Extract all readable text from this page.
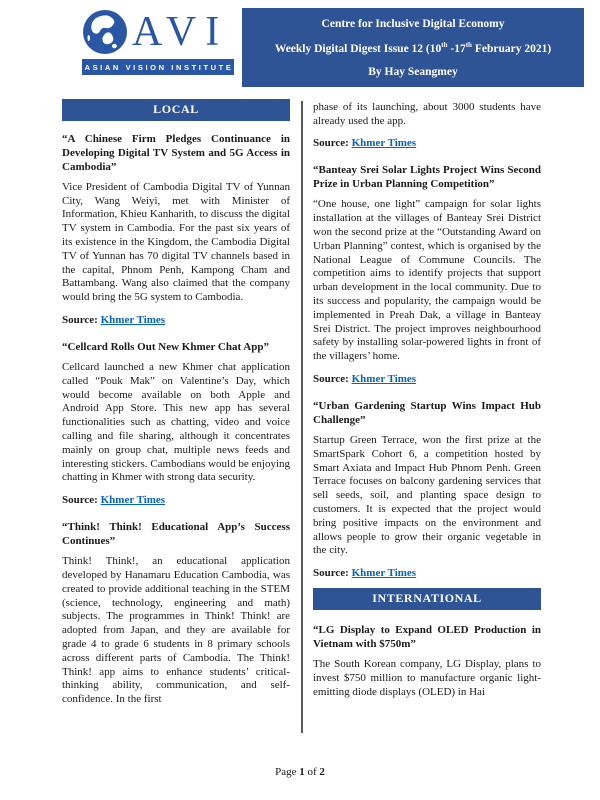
AVI
ASIAN VISION INSTITUTE
Centre for Inclusive Digital Economy
Weekly Digital Digest Issue 12 (10th -17th February 2021)
By Hay Seangmey
LOCAL
“A Chinese Firm Pledges Continuance in Developing Digital TV System and 5G Access in Cambodia”

Vice President of Cambodia Digital TV of Yunnan City, Wang Weiyi, met with Minister of Information, Khieu Kanharith, to discuss the digital TV system in Cambodia. For the past six years of its existence in the Kingdom, the Cambodia Digital TV of Yunnan has 70 digital TV channels based in the capital, Phnom Penh, Kampong Cham and Battambang. Wang also claimed that the company would bring the 5G system to Cambodia.

Source: Khmer Times

“Cellcard Rolls Out New Khmer Chat App”

Cellcard launched a new Khmer chat application called “Pouk Mak” on Valentine’s Day, which would become available on both Apple and Android App Store. This new app has several functionalities such as chatting, video and voice calling and file sharing, although it concentrates mainly on group chat, multiple news feeds and interesting stickers. Cambodians would be enjoying chatting in Khmer with strong data security.

Source: Khmer Times

“Think! Think! Educational App’s Success Continues”

Think! Think!, an educational application developed by Hanamaru Education Cambodia, was created to provide additional teaching in the STEM (science, technology, engineering and math) subjects. The programmes in Think! Think! are adopted from Japan, and they are available for grade 4 to grade 6 students in 8 primary schools across different parts of Cambodia. The Think! Think! app aims to enhance students’ critical-thinking ability, communication, and self-confidence. In the first

phase of its launching, about 3000 students have already used the app.

Source: Khmer Times

“Banteay Srei Solar Lights Project Wins Second Prize in Urban Planning Competition”

“One house, one light” campaign for solar lights installation at the villages of Banteay Srei District won the second prize at the “Outstanding Award on Urban Planning” contest, which is organised by the National League of Commune Councils. The competition aims to identify projects that support urban development in the local community. Due to its success and popularity, the campaign would be implemented in Preah Dak, a village in Banteay Srei District. The project improves neighbourhood safety by installing solar-powered lights in front of the villagers’ home.

Source: Khmer Times

“Urban Gardening Startup Wins Impact Hub Challenge”

Startup Green Terrace, won the first prize at the SmartSpark Cohort 6, a competition hosted by Smart Axiata and Impact Hub Phnom Penh. Green Terrace focuses on balcony gardening services that sell seeds, soil, and planting space design to customers. It is expected that the project would bring positive impacts on the environment and allows people to grow their organic vegetable in the city.

Source: Khmer Times

INTERNATIONAL
“LG Display to Expand OLED Production in Vietnam with $750m”

The South Korean company, LG Display, plans to invest $750 million to manufacture organic light-emitting diode displays (OLED) in Hai

Page 1 of 2
